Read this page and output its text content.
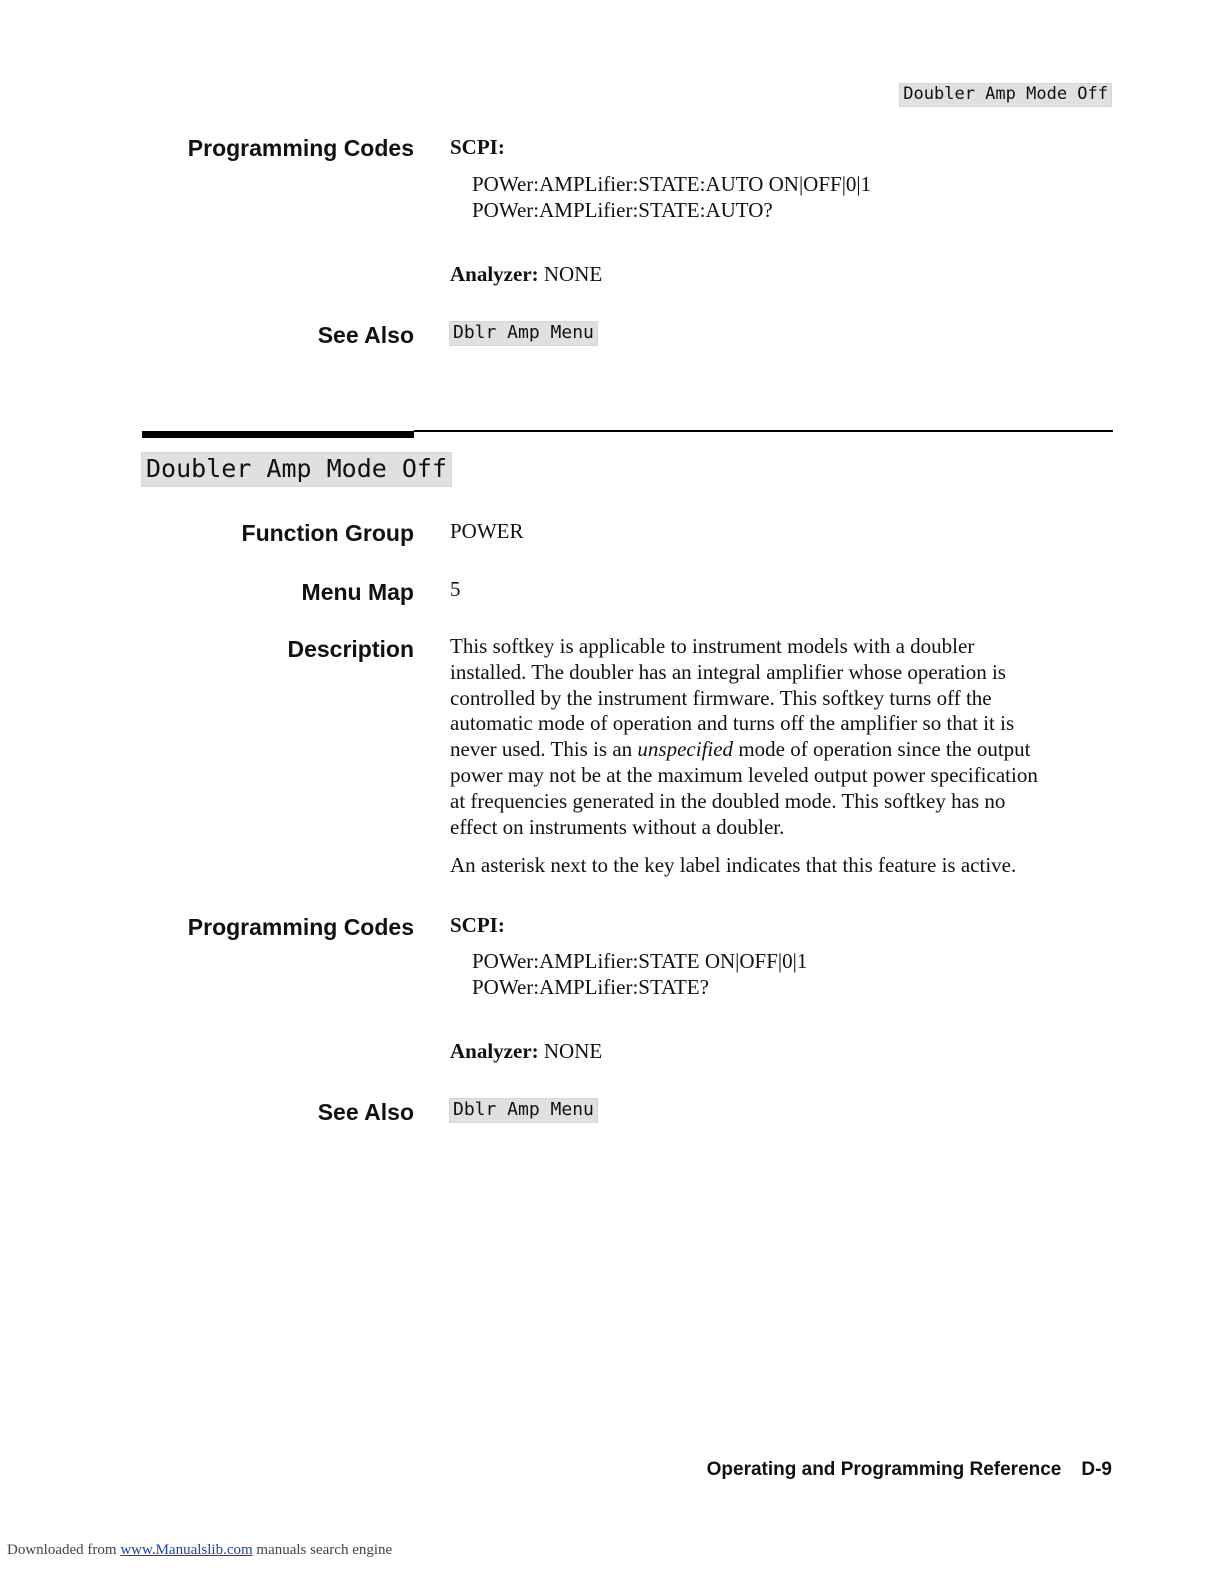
Doubler Amp Mode Off
Programming Codes SCPI:
POWer:AMPLifier:STATE:AUTO ON|OFF|0|1
POWer:AMPLifier:STATE:AUTO?
Analyzer: NONE
See Also Dblr Amp Menu
Doubler Amp Mode Off
Function Group POWER
Menu Map 5
Description This softkey is applicable to instrument models with a doubler
installed. The doubler has an integral amplifier whose operation is
controlled by the instrument firmware. This softkey turns off the
automatic mode of operation and turns off the amplifier so that it is
never used. This is an unspecified mode of operation since the output
power may not be at the maximum leveled output power specification
at frequencies generated in the doubled mode. This softkey has no
effect on instruments without a doubler.
An asterisk next to the key label indicates that this feature is active.
Programming Codes SCPI:
POWer:AMPLifier:STATE ON|OFF|0|1
POWer:AMPLifier:STATE?
Analyzer: NONE
See Also Dblr Amp Menu
Operating and Programming Reference D-9
Downloaded from www.Manualslib.com manuals search engine
